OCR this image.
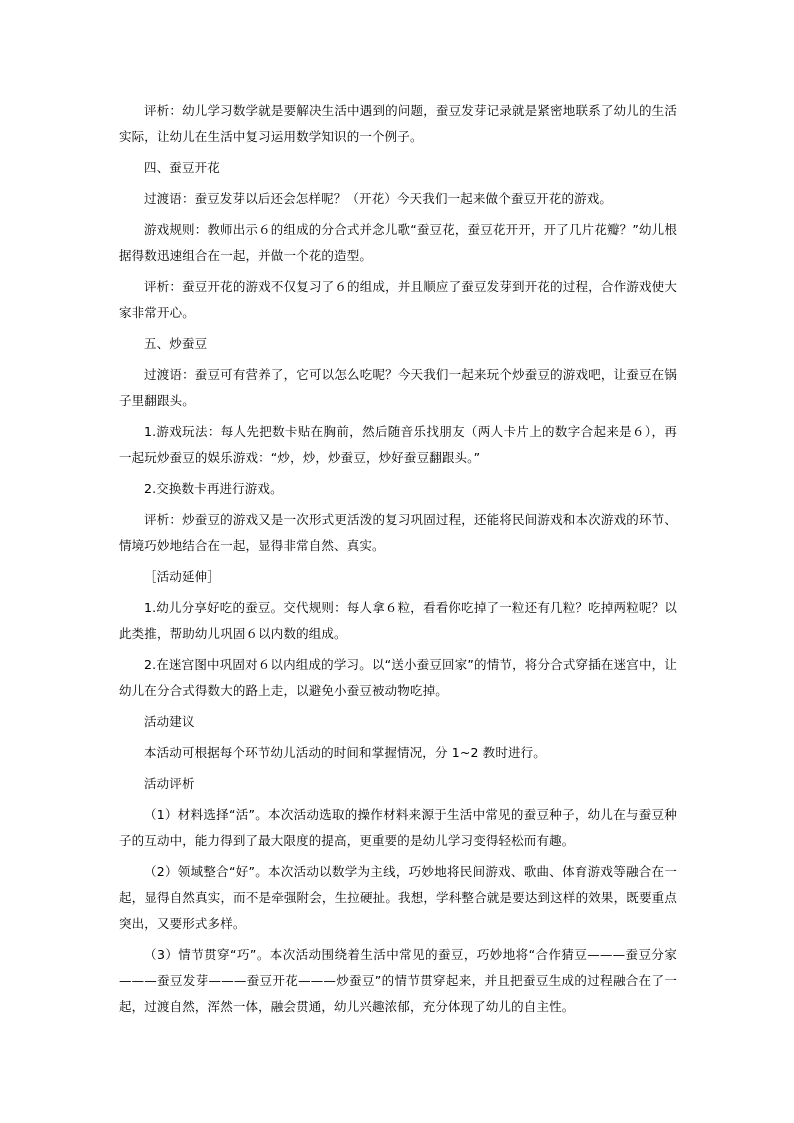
评析：幼儿学习数学就是要解决生活中遇到的问题，蚕豆发芽记录就是紧密地联系了幼儿的生活实际，让幼儿在生活中复习运用数学知识的一个例子。

四、蚕豆开花

过渡语：蚕豆发芽以后还会怎样呢？（开花）今天我们一起来做个蚕豆开花的游戏。

游戏规则：教师出示６的组成的分合式并念儿歌“蚕豆花，蚕豆花开开，开了几片花瓣？”幼儿根据得数迅速组合在一起，并做一个花的造型。

评析：蚕豆开花的游戏不仅复习了６的组成，并且顺应了蚕豆发芽到开花的过程，合作游戏使大家非常开心。

五、炒蚕豆

过渡语：蚕豆可有营养了，它可以怎么吃呢？今天我们一起来玩个炒蚕豆的游戏吧，让蚕豆在锅子里翻跟头。

1.游戏玩法：每人先把数卡贴在胸前，然后随音乐找朋友（两人卡片上的数字合起来是６），再一起玩炒蚕豆的娱乐游戏：“炒，炒，炒蚕豆，炒好蚕豆翻跟头。”

2.交换数卡再进行游戏。

评析：炒蚕豆的游戏又是一次形式更活泼的复习巩固过程，还能将民间游戏和本次游戏的环节、情境巧妙地结合在一起，显得非常自然、真实。

［活动延伸］

1.幼儿分享好吃的蚕豆。交代规则：每人拿６粒，看看你吃掉了一粒还有几粒？吃掉两粒呢？以此类推，帮助幼儿巩固６以内数的组成。

2.在迷宫图中巩固对６以内组成的学习。以“送小蚕豆回家”的情节，将分合式穿插在迷宫中，让幼儿在分合式得数大的路上走，以避免小蚕豆被动物吃掉。

活动建议

本活动可根据每个环节幼儿活动的时间和掌握情况，分 1~2 教时进行。

活动评析

（1）材料选择“活”。本次活动选取的操作材料来源于生活中常见的蚕豆种子，幼儿在与蚕豆种子的互动中，能力得到了最大限度的提高，更重要的是幼儿学习变得轻松而有趣。

（2）领域整合“好”。本次活动以数学为主线，巧妙地将民间游戏、歌曲、体育游戏等融合在一起，显得自然真实，而不是牵强附会，生拉硬扯。我想，学科整合就是要达到这样的效果，既要重点突出，又要形式多样。

（3）情节贯穿“巧”。本次活动围绕着生活中常见的蚕豆，巧妙地将“合作猜豆———蚕豆分家———蚕豆发芽———蚕豆开花———炒蚕豆”的情节贯穿起来，并且把蚕豆生成的过程融合在了一起，过渡自然，浑然一体，融会贯通，幼儿兴趣浓郁，充分体现了幼儿的自主性。
